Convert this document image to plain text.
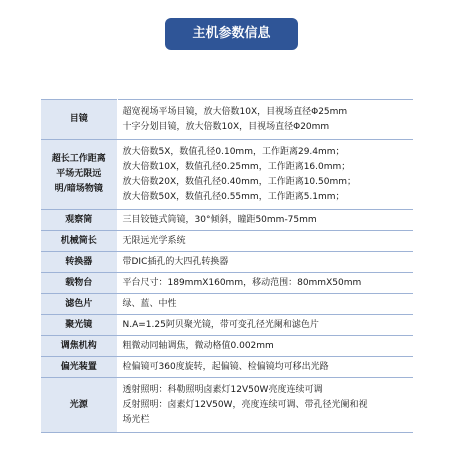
主机参数信息
目镜	超宽视场平场目镜，放大倍数10X，目视场直径Φ25mm
十字分划目镜，放大倍数10X，目视场直径Φ20mm

超长工作距离平场无限远明/暗场物镜	放大倍数5X，数值孔径0.10mm，工作距离29.4mm；
放大倍数10X，数值孔径0.25mm，工作距离16.0mm；
放大倍数20X，数值孔径0.40mm，工作距离10.50mm；
放大倍数50X，数值孔径0.55mm，工作距离5.1mm；

观察筒	三目铰链式筒镜，30°倾斜，瞳距50mm-75mm

机械筒长	无限远光学系统

转换器	带DIC插孔的大四孔转换器

载物台	平台尺寸：189mmX160mm，移动范围：80mmX50mm

滤色片	绿、蓝、中性

聚光镜	N.A=1.25阿贝聚光镜，带可变孔径光阑和滤色片

调焦机构	粗微动同轴调焦，微动格值0.002mm

偏光装置	检偏镜可360度旋转，起偏镜、检偏镜均可移出光路

光源	透射照明：科勒照明卤素灯12V50W亮度连续可调
反射照明：卤素灯12V50W，亮度连续可调、带孔径光阑和视
场光栏
